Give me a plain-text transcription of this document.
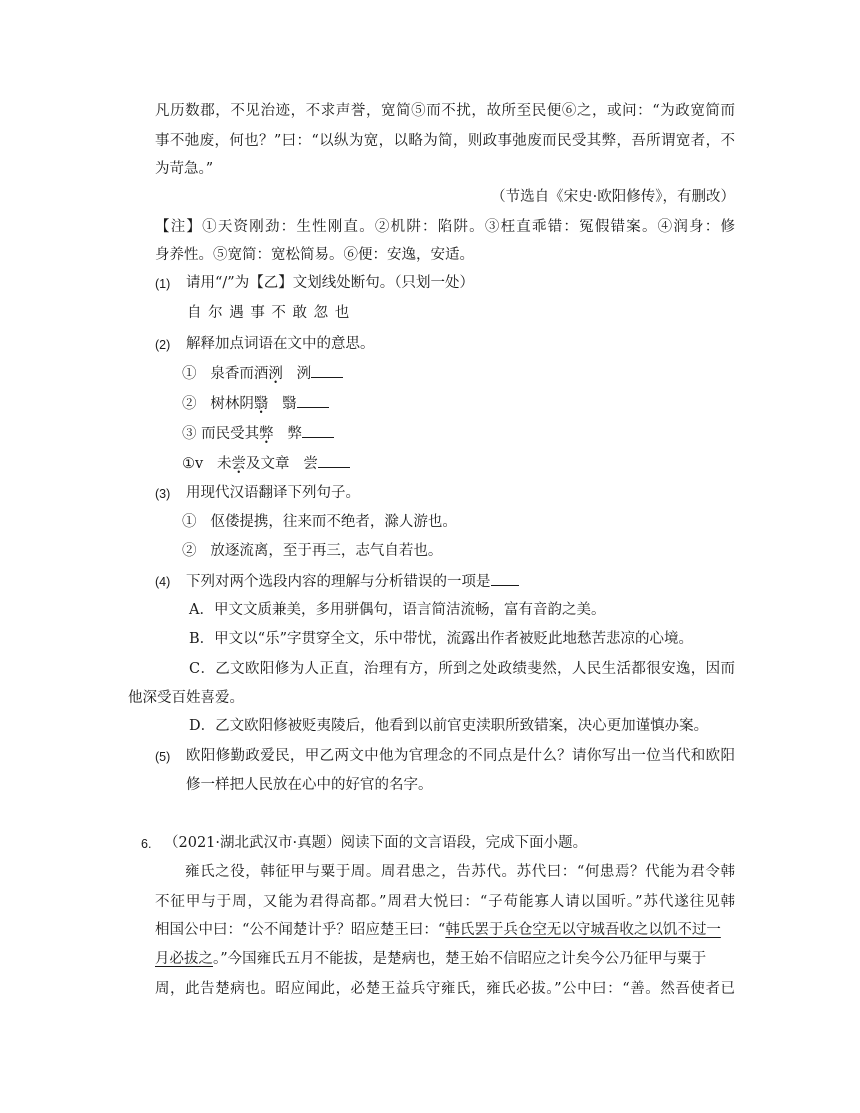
凡历数郡，不见治迹，不求声誉，宽简⑤而不扰，故所至民便⑥之，或问：“为政宽简而
事不弛废，何也？”曰：“以纵为宽，以略为简，则政事弛废而民受其弊，吾所谓宽者，不
为苛急。”
（节选自《宋史·欧阳修传》，有删改）
【注】①天资刚劲：生性刚直。②机阱：陷阱。③枉直乖错：冤假错案。④润身：修
身养性。⑤宽简：宽松简易。⑥便：安逸，安适。
(1) 请用“/”为【乙】文划线处断句。（只划一处）
自 尔 遇 事 不 敢 忽 也
(2) 解释加点词语在文中的意思。
① 泉香而酒洌 洌
② 树林阴翳 翳
③ 而民受其弊 弊
①v 未尝及文章 尝
(3) 用现代汉语翻译下列句子。
① 伛偻提携，往来而不绝者，滁人游也。
② 放逐流离，至于再三，志气自若也。
(4) 下列对两个选段内容的理解与分析错误的一项是
A．甲文文质兼美，多用骈偶句，语言简洁流畅，富有音韵之美。
B．甲文以“乐”字贯穿全文，乐中带忧，流露出作者被贬此地愁苦悲凉的心境。
C．乙文欧阳修为人正直，治理有方，所到之处政绩斐然，人民生活都很安逸，因而
他深受百姓喜爱。
D．乙文欧阳修被贬夷陵后，他看到以前官吏渎职所致错案，决心更加谨慎办案。
(5) 欧阳修勤政爱民，甲乙两文中他为官理念的不同点是什么？请你写出一位当代和欧阳
修一样把人民放在心中的好官的名字。
6. （2021·湖北武汉市·真题）阅读下面的文言语段，完成下面小题。
雍氏之役，韩征甲与粟于周。周君患之，告苏代。苏代曰：“何患焉？代能为君令韩
不征甲与于周，又能为君得高都。”周君大悦曰：“子苟能寡人请以国听。”苏代遂往见韩
相国公中曰：“公不闻楚计乎？昭应楚王曰：“韩氏罢于兵仓空无以守城吾收之以饥不过一
月必拔之。”今国雍氏五月不能拔，是楚病也，楚王始不信昭应之计矣今公乃征甲与粟于
周，此告楚病也。昭应闻此，必楚王益兵守雍氏，雍氏必拔。”公中曰：“善。然吾使者已
